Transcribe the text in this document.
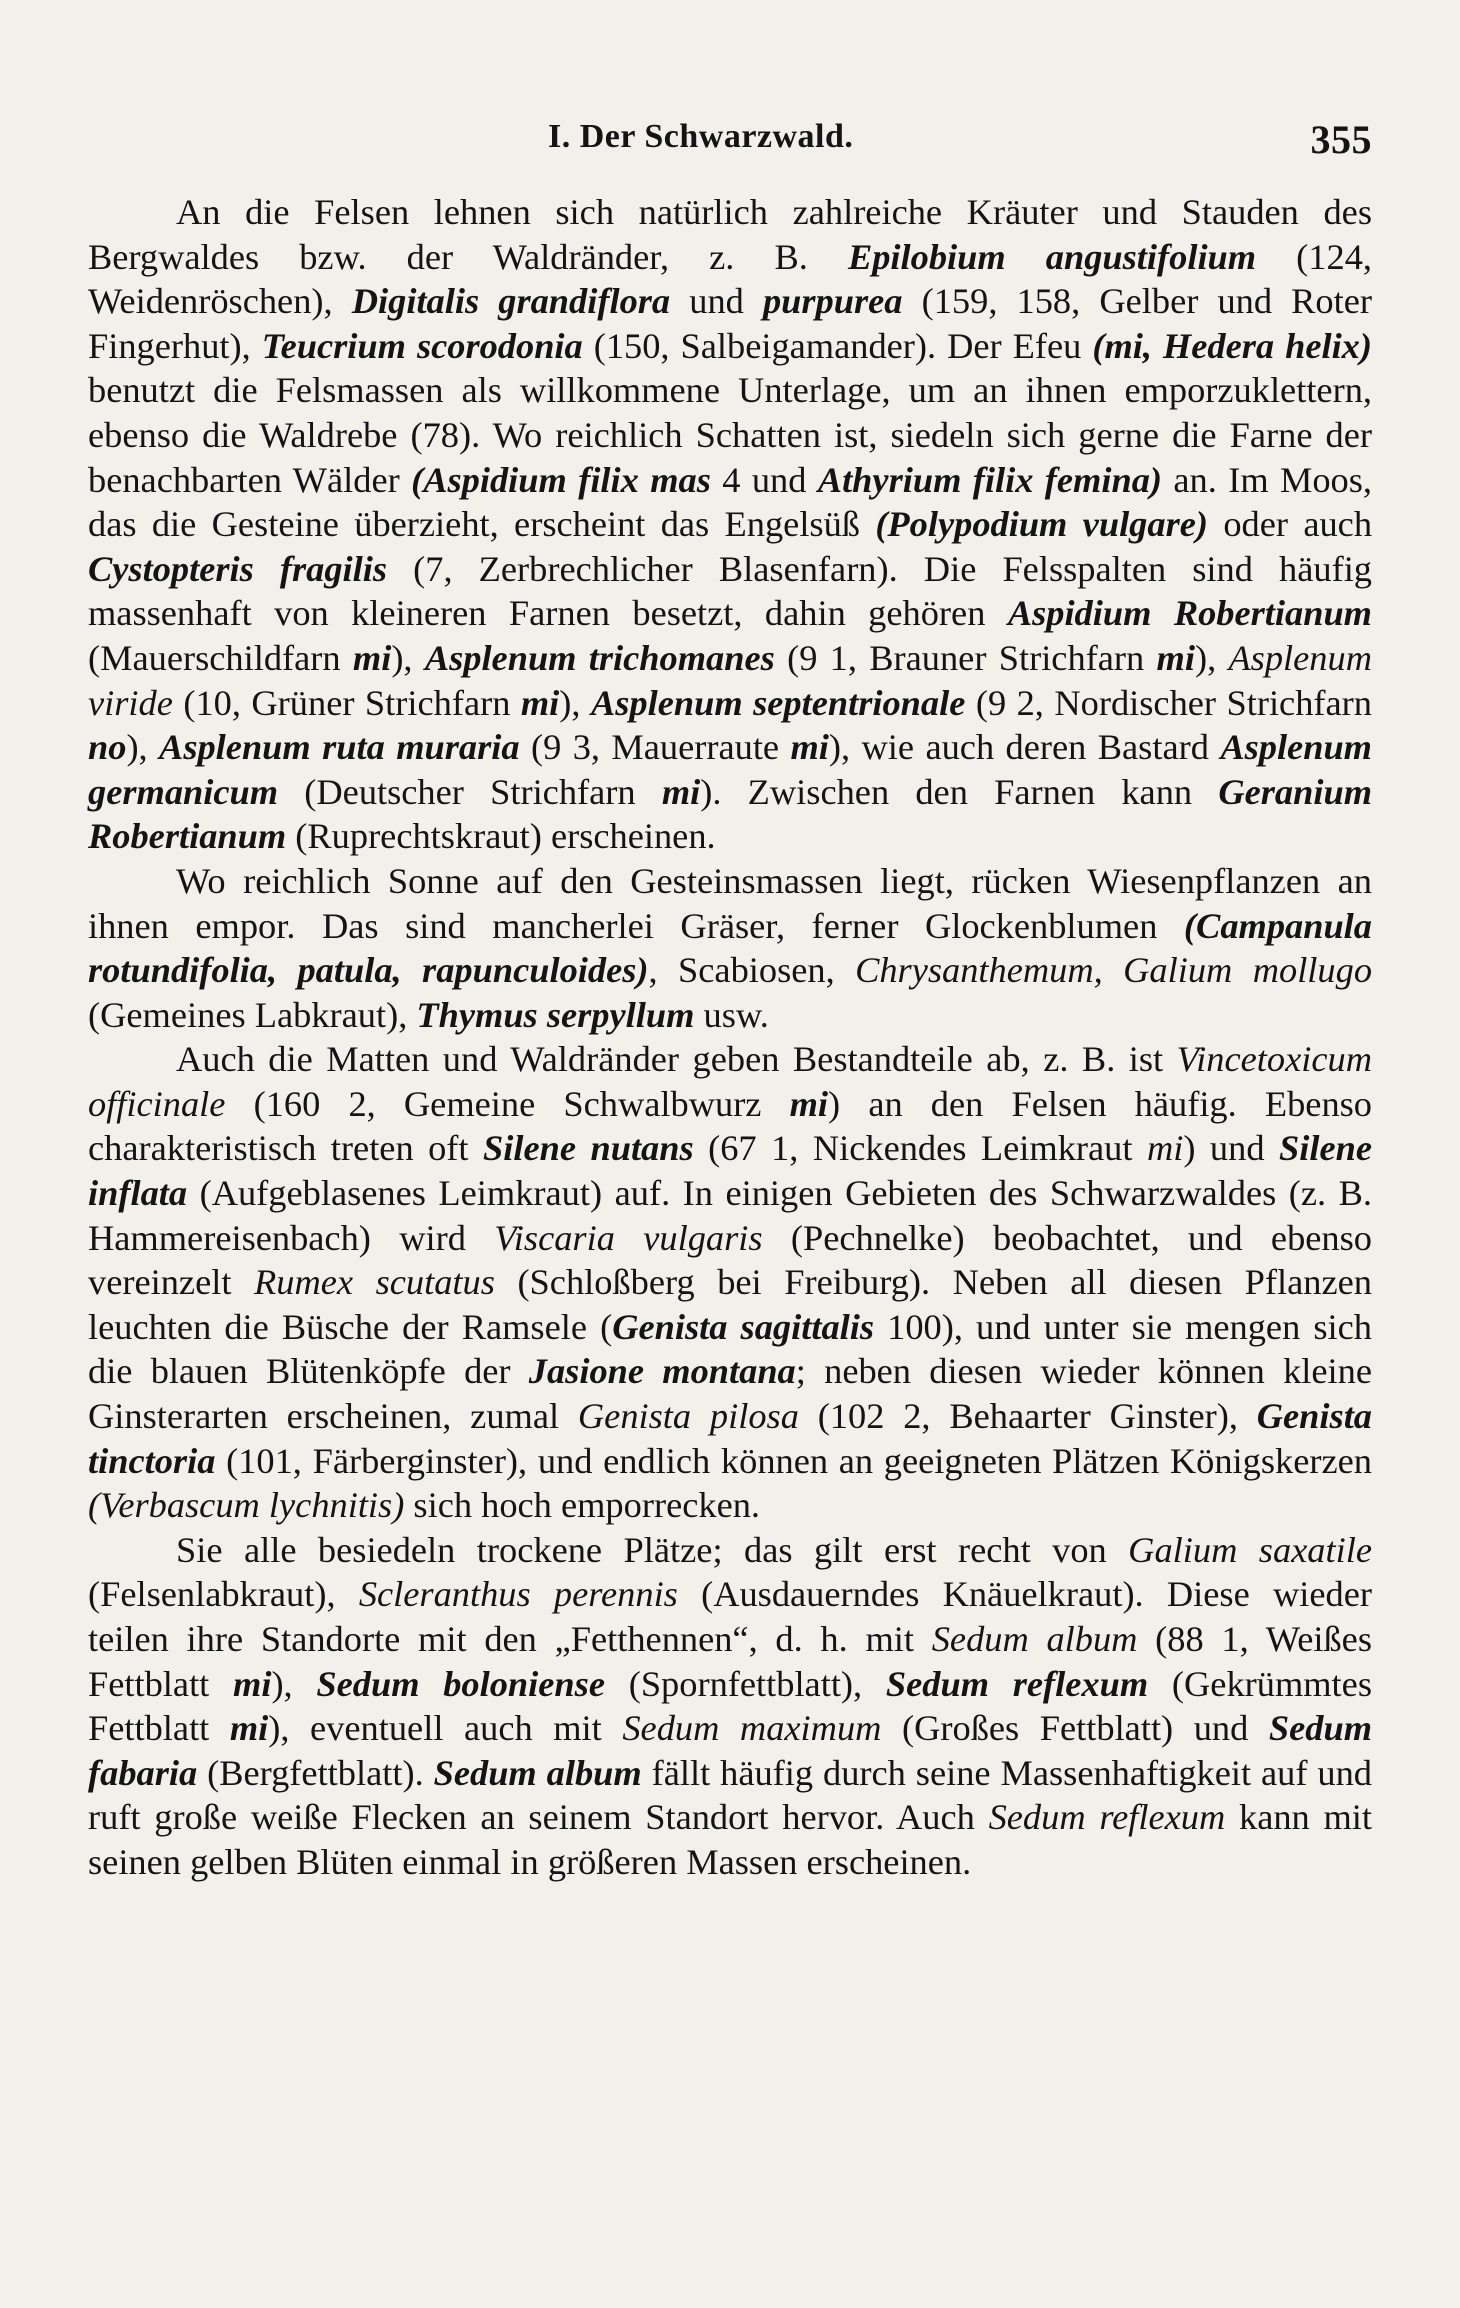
I. Der Schwarzwald.	355

An die Felsen lehnen sich natürlich zahlreiche Kräuter und Stauden des Bergwaldes bzw. der Waldränder, z. B. Epilobium angustifolium (124, Weidenröschen), Digitalis grandiflora und purpurea (159, 158, Gelber und Roter Fingerhut), Teucrium scorodonia (150, Salbeigamander). Der Efeu (mi, Hedera helix) benutzt die Felsmassen als willkommene Unterlage, um an ihnen emporzuklettern, ebenso die Waldrebe (78). Wo reichlich Schatten ist, siedeln sich gerne die Farne der benachbarten Wälder (Aspidium filix mas 4 und Athyrium filix femina) an. Im Moos, das die Gesteine überzieht, erscheint das Engelsüß (Polypodium vulgare) oder auch Cystopteris fragilis (7, Zerbrechlicher Blasenfarn). Die Felsspalten sind häufig massenhaft von kleineren Farnen besetzt, dahin gehören Aspidium Robertianum (Mauerschildfarn mi), Asplenum trichomanes (9 1, Brauner Strichfarn mi), Asplenum viride (10, Grüner Strichfarn mi), Asplenum septentrionale (9 2, Nordischer Strichfarn no), Asplenum ruta muraria (9 3, Mauerraute mi), wie auch deren Bastard Asplenum germanicum (Deutscher Strichfarn mi). Zwischen den Farnen kann Geranium Robertianum (Ruprechtskraut) erscheinen.

Wo reichlich Sonne auf den Gesteinsmassen liegt, rücken Wiesenpflanzen an ihnen empor. Das sind mancherlei Gräser, ferner Glockenblumen (Campanula rotundifolia, patula, rapunculoides), Scabiosen, Chrysanthemum, Galium mollugo (Gemeines Labkraut), Thymus serpyllum usw.

Auch die Matten und Waldränder geben Bestandteile ab, z. B. ist Vincetoxicum officinale (160 2, Gemeine Schwalbwurz mi) an den Felsen häufig. Ebenso charakteristisch treten oft Silene nutans (67 1, Nickendes Leimkraut mi) und Silene inflata (Aufgeblasenes Leimkraut) auf. In einigen Gebieten des Schwarzwaldes (z. B. Hammereisenbach) wird Viscaria vulgaris (Pechnelke) beobachtet, und ebenso vereinzelt Rumex scutatus (Schloßberg bei Freiburg). Neben all diesen Pflanzen leuchten die Büsche der Ramsele (Genista sagittalis 100), und unter sie mengen sich die blauen Blütenköpfe der Jasione montana; neben diesen wieder können kleine Ginsterarten erscheinen, zumal Genista pilosa (102 2, Behaarter Ginster), Genista tinctoria (101, Färberginster), und endlich können an geeigneten Plätzen Königskerzen (Verbascum lychnitis) sich hoch emporrecken.

Sie alle besiedeln trockene Plätze; das gilt erst recht von Galium saxatile (Felsenlabkraut), Scleranthus perennis (Ausdauerndes Knäuelkraut). Diese wieder teilen ihre Standorte mit den „Fetthennen“, d. h. mit Sedum album (88 1, Weißes Fettblatt mi), Sedum boloniense (Spornfettblatt), Sedum reflexum (Gekrümmtes Fettblatt mi), eventuell auch mit Sedum maximum (Großes Fettblatt) und Sedum fabaria (Bergfettblatt). Sedum album fällt häufig durch seine Massenhaftigkeit auf und ruft große weiße Flecken an seinem Standort hervor. Auch Sedum reflexum kann mit seinen gelben Blüten einmal in größeren Massen erscheinen.
